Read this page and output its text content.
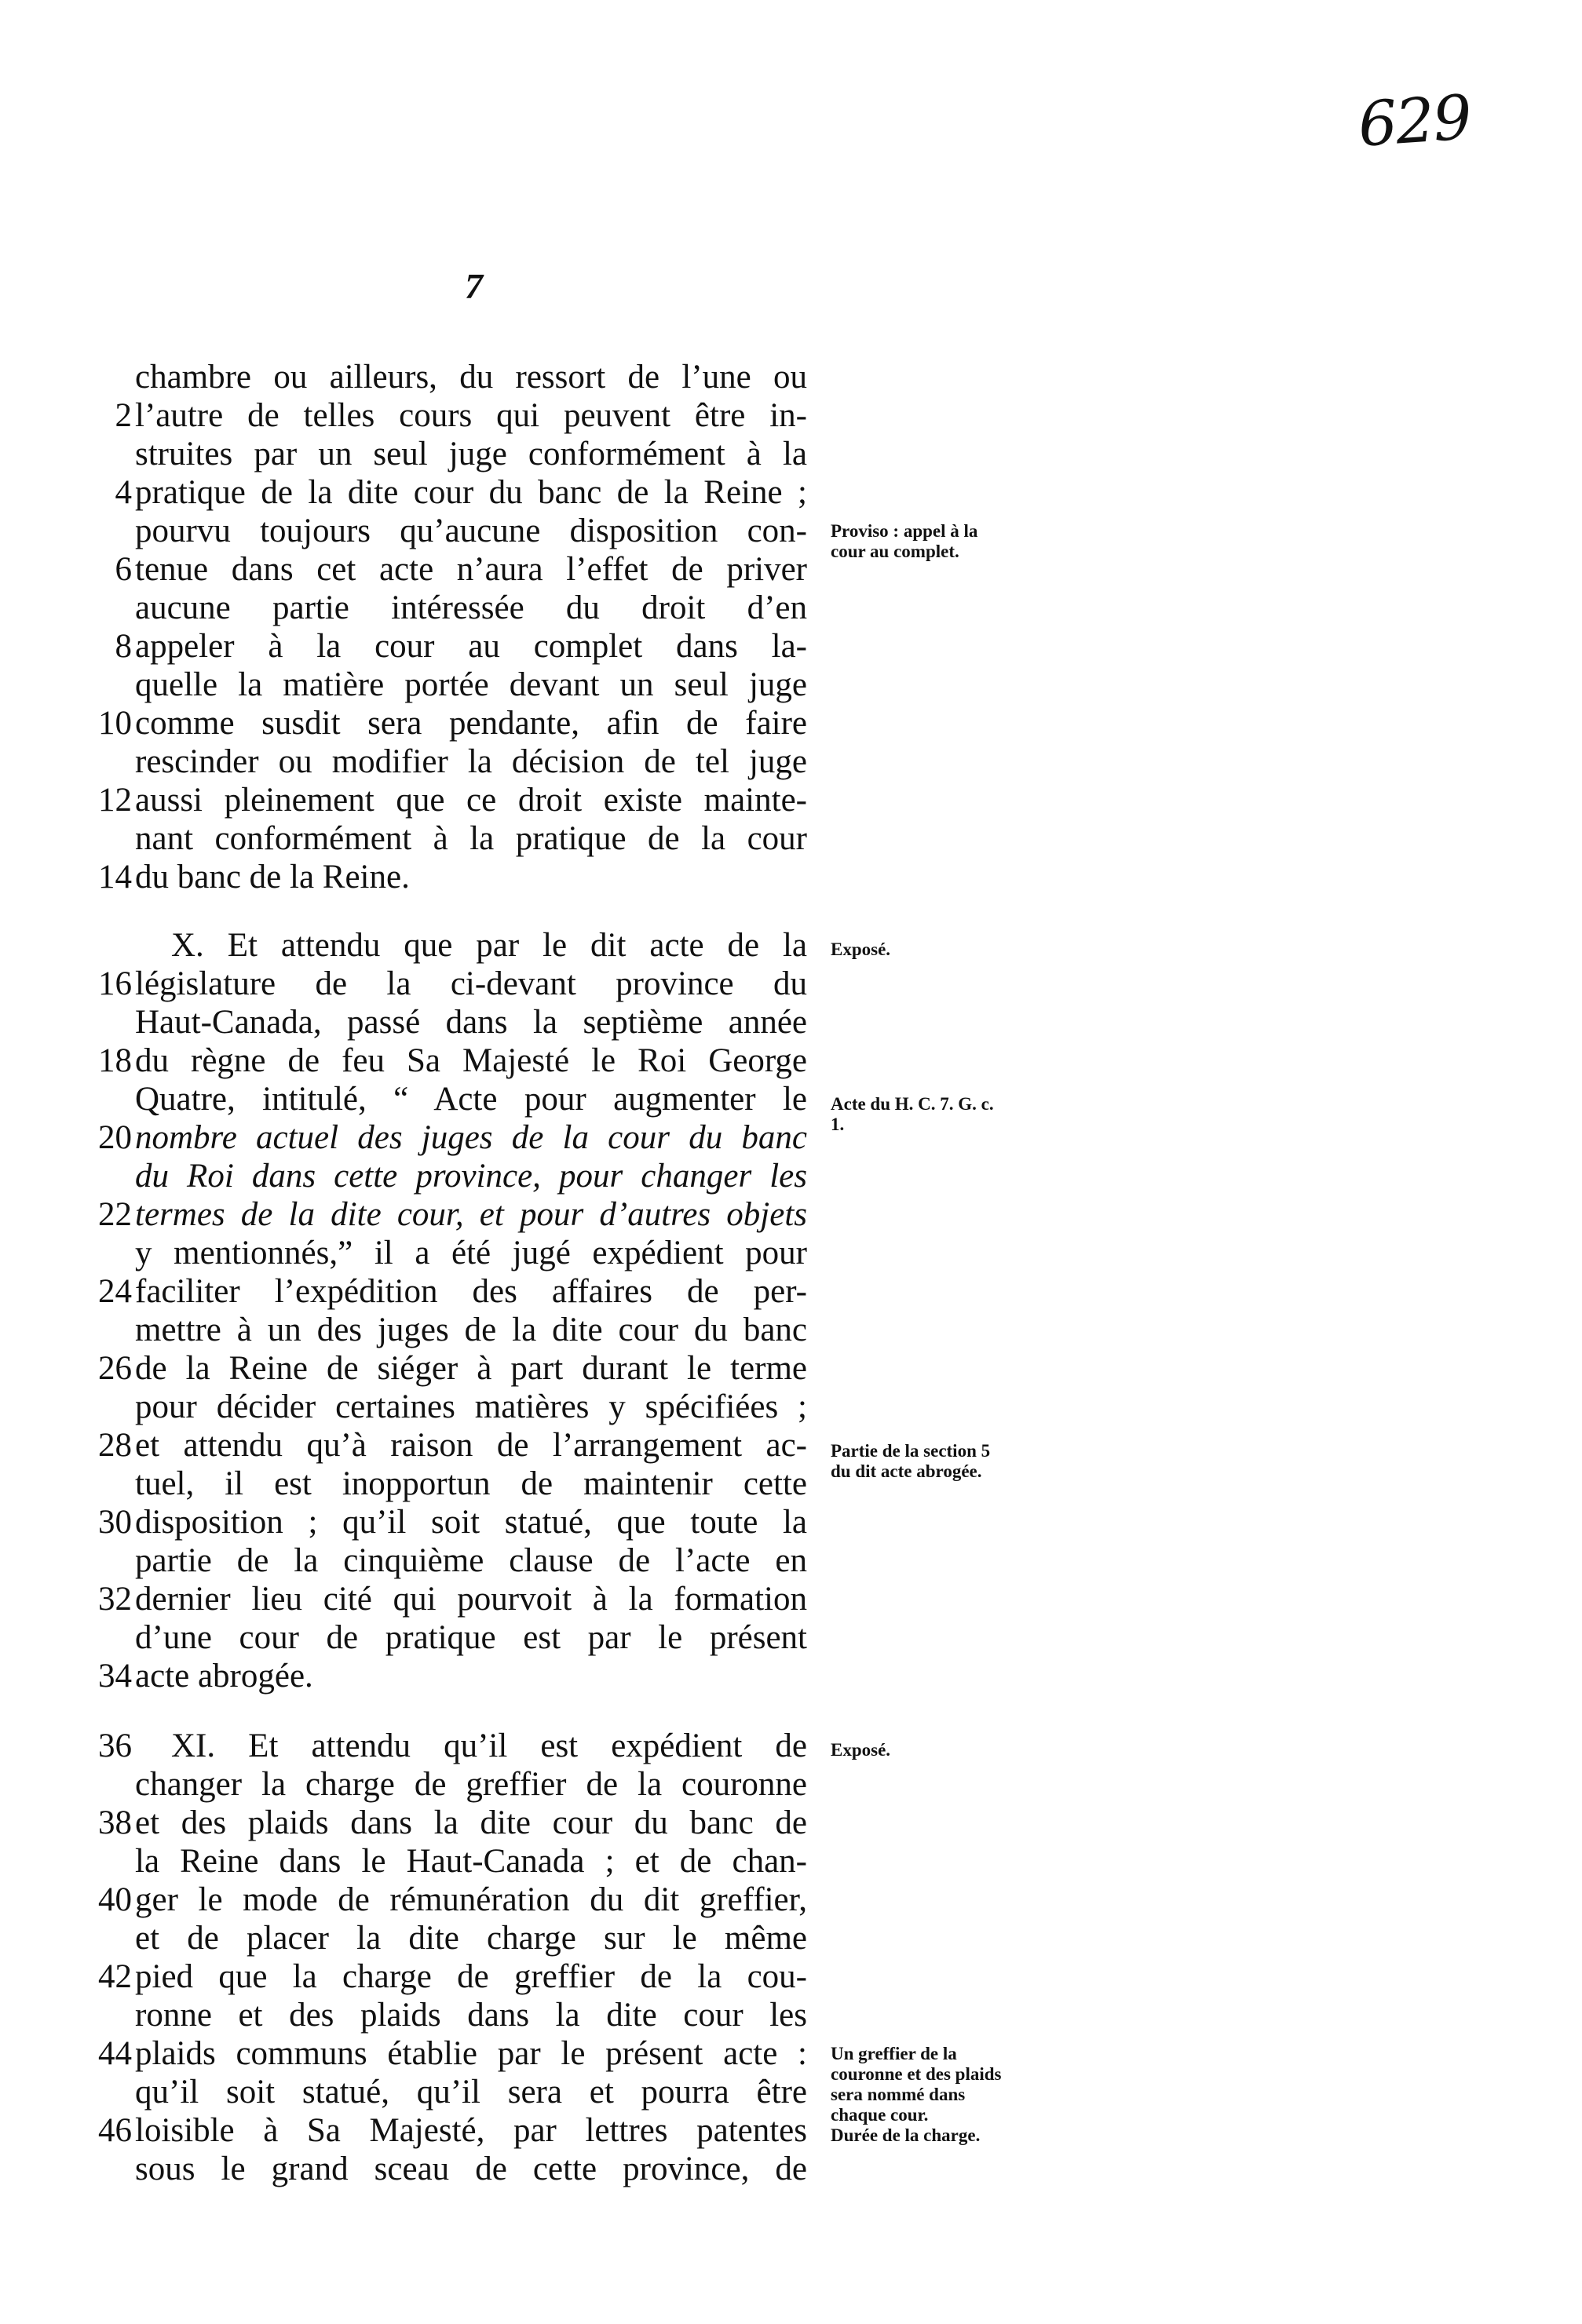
629
7
chambre ou ailleurs, du ressort de l’une ou
2 l’autre de telles cours qui peuvent être in-
struites par un seul juge conformément à la
4 pratique de la dite cour du banc de la Reine ;
pourvu toujours qu’aucune disposition con-
6 tenue dans cet acte n’aura l’effet de priver
aucune partie intéressée du droit d’en
8 appeler à la cour au complet dans la-
quelle la matière portée devant un seul juge
10 comme susdit sera pendante, afin de faire
rescinder ou modifier la décision de tel juge
12 aussi pleinement que ce droit existe mainte-
nant conformément à la pratique de la cour
14 du banc de la Reine.
X. Et attendu que par le dit acte de la
16 législature de la ci-devant province du
Haut-Canada, passé dans la septième année
18 du règne de feu Sa Majesté le Roi George
Quatre, intitulé, “ Acte pour augmenter le
20 nombre actuel des juges de la cour du banc
du Roi dans cette province, pour changer les
22 termes de la dite cour, et pour d’autres objets
y mentionnés,” il a été jugé expédient pour
24 faciliter l’expédition des affaires de per-
mettre à un des juges de la dite cour du banc
26 de la Reine de siéger à part durant le terme
pour décider certaines matières y spécifiées ;
28 et attendu qu’à raison de l’arrangement ac-
tuel, il est inopportun de maintenir cette
30 disposition ; qu’il soit statué, que toute la
partie de la cinquième clause de l’acte en
32 dernier lieu cité qui pourvoit à la formation
d’une cour de pratique est par le présent
34 acte abrogée.
36 XI. Et attendu qu’il est expédient de
changer la charge de greffier de la couronne
38 et des plaids dans la dite cour du banc de
la Reine dans le Haut-Canada ; et de chan-
40 ger le mode de rémunération du dit greffier,
et de placer la dite charge sur le même
42 pied que la charge de greffier de la cou-
ronne et des plaids dans la dite cour les
44 plaids communs établie par le présent acte :
qu’il soit statué, qu’il sera et pourra être
46 loisible à Sa Majesté, par lettres patentes
sous le grand sceau de cette province, de
Proviso : appel à la cour au complet.
Exposé.
Acte du H. C. 7. G. c. 1.
Partie de la section 5 du dit acte abrogée.
Exposé.
Un greffier de la couronne et des plaids sera nommé dans chaque cour.
Durée de la charge.
